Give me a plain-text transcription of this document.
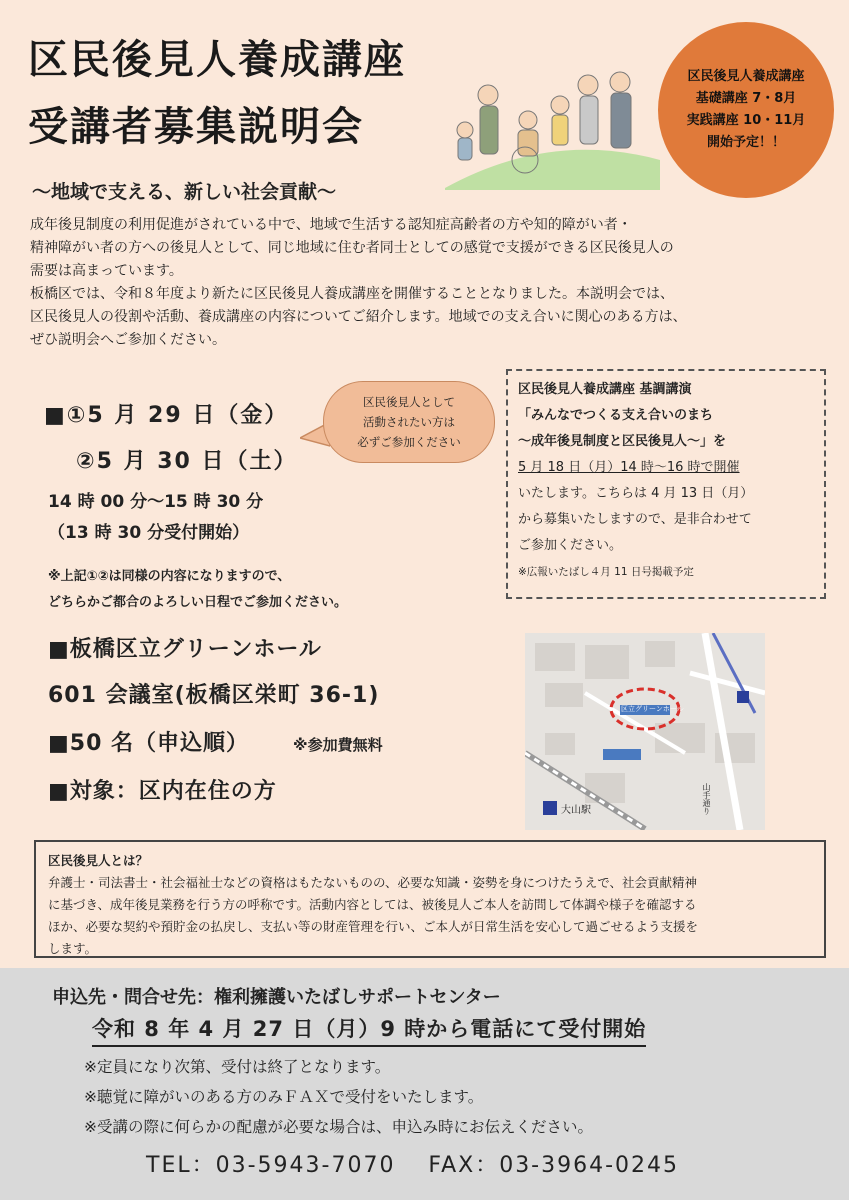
区民後見人養成講座
受講者募集説明会
区民後見人養成講座
基礎講座 7・8月
実践講座 10・11月
開始予定！！
～地域で支える、新しい社会貢献～

成年後見制度の利用促進がされている中で、地域で生活する認知症高齢者の方や知的障がい者・

精神障がい者の方への後見人として、同じ地域に住む者同士としての感覚で支援ができる区民後見人の

需要は高まっています。

板橋区では、令和８年度より新たに区民後見人養成講座を開催することとなりました。本説明会では、

区民後見人の役割や活動、養成講座の内容についてご紹介します。地域での支え合いに関心のある方は、

ぜひ説明会へご参加ください。

■①5 月 29 日（金）
②5 月 30 日（土）
14 時 00 分～15 時 30 分
（13 時 30 分受付開始）
※上記①②は同様の内容になりますので、
どちらかご都合のよろしい日程でご参加ください。
区民後見人として
活動されたい方は
必ずご参加ください
区民後見人養成講座 基調講演
「みんなでつくる支え合いのまち
～成年後見制度と区民後見人～」を
5 月 18 日（月）14 時～16 時で開催
いたします。こちらは 4 月 13 日（月）
から募集いたしますので、是非合わせて
ご参加ください。
※広報いたばし４月 11 日号掲載予定
■板橋区立グリーンホール
601 会議室(板橋区栄町 36-1)
■50 名（申込順）	※参加費無料
■対象：区内在住の方
大山駅
区立グリーンホール
山手通り
区民後見人とは？
弁護士・司法書士・社会福祉士などの資格はもたないものの、必要な知識・姿勢を身につけたうえで、社会貢献精神
に基づき、成年後見業務を行う方の呼称です。活動内容としては、被後見人ご本人を訪問して体調や様子を確認する
ほか、必要な契約や預貯金の払戻し、支払い等の財産管理を行い、ご本人が日常生活を安心して過ごせるよう支援を
します。
申込先・問合せ先：権利擁護いたばしサポートセンター
令和 8 年 4 月 27 日（月）9 時から電話にて受付開始
※定員になり次第、受付は終了となります。
※聴覚に障がいのある方のみＦＡＸで受付をいたします。
※受講の際に何らかの配慮が必要な場合は、申込み時にお伝えください。
TEL：03-5943-7070　 FAX：03-3964-0245
